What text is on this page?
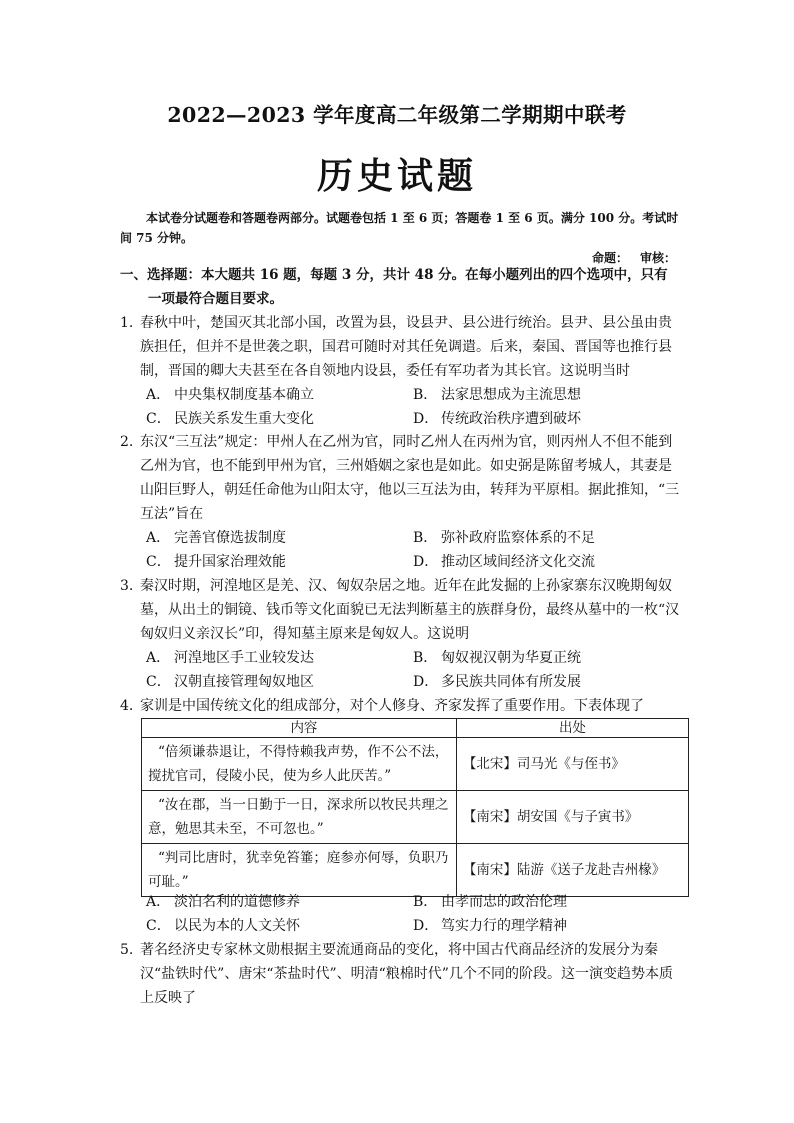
2022—2023 学年度高二年级第二学期期中联考
历史试题
本试卷分试题卷和答题卷两部分。试题卷包括 1 至 6 页；答题卷 1 至 6 页。满分 100 分。考试时间 75 分钟。
命题： 审核：
一、选择题：本大题共 16 题，每题 3 分，共计 48 分。在每小题列出的四个选项中，只有
一项最符合题目要求。
1. 春秋中叶，楚国灭其北部小国，改置为县，设县尹、县公进行统治。县尹、县公虽由贵族担任，但并不是世袭之职，国君可随时对其任免调遣。后来，秦国、晋国等也推行县制，晋国的卿大夫甚至在各自领地内设县，委任有军功者为其长官。这说明当时
A． 中央集权制度基本确立	B． 法家思想成为主流思想
C． 民族关系发生重大变化	D． 传统政治秩序遭到破坏
2. 东汉“三互法”规定：甲州人在乙州为官，同时乙州人在丙州为官，则丙州人不但不能到乙州为官，也不能到甲州为官，三州婚姻之家也是如此。如史弼是陈留考城人，其妻是山阳巨野人，朝廷任命他为山阳太守，他以三互法为由，转拜为平原相。据此推知，“三互法”旨在
A． 完善官僚选拔制度	B． 弥补政府监察体系的不足
C． 提升国家治理效能	D． 推动区域间经济文化交流
3. 秦汉时期，河湟地区是羌、汉、匈奴杂居之地。近年在此发掘的上孙家寨东汉晚期匈奴墓，从出土的铜镜、钱币等文化面貌已无法判断墓主的族群身份，最终从墓中的一枚“汉匈奴归义亲汉长”印，得知墓主原来是匈奴人。这说明
A． 河湟地区手工业较发达	B． 匈奴视汉朝为华夏正统
C． 汉朝直接管理匈奴地区	D． 多民族共同体有所发展
4. 家训是中国传统文化的组成部分，对个人修身、齐家发挥了重要作用。下表体现了
内容	出处
“倍须谦恭退让，不得恃赖我声势，作不公不法，搅扰官司，侵陵小民，使为乡人此厌苦。”	【北宋】司马光《与侄书》
“汝在郡，当一日勤于一日，深求所以牧民共理之意，勉思其未至，不可忽也。”	【南宋】胡安国《与子寅书》
“判司比唐时，犹幸免笞箠；庭参亦何辱，负职乃可耻。”	【南宋】陆游《送子龙赴吉州椽》
A． 淡泊名利的道德修养	B． 由孝而忠的政治伦理
C． 以民为本的人文关怀	D． 笃实力行的理学精神
5. 著名经济史专家林文勋根据主要流通商品的变化，将中国古代商品经济的发展分为秦汉“盐铁时代”、唐宋“茶盐时代”、明清“粮棉时代”几个不同的阶段。这一演变趋势本质上反映了
